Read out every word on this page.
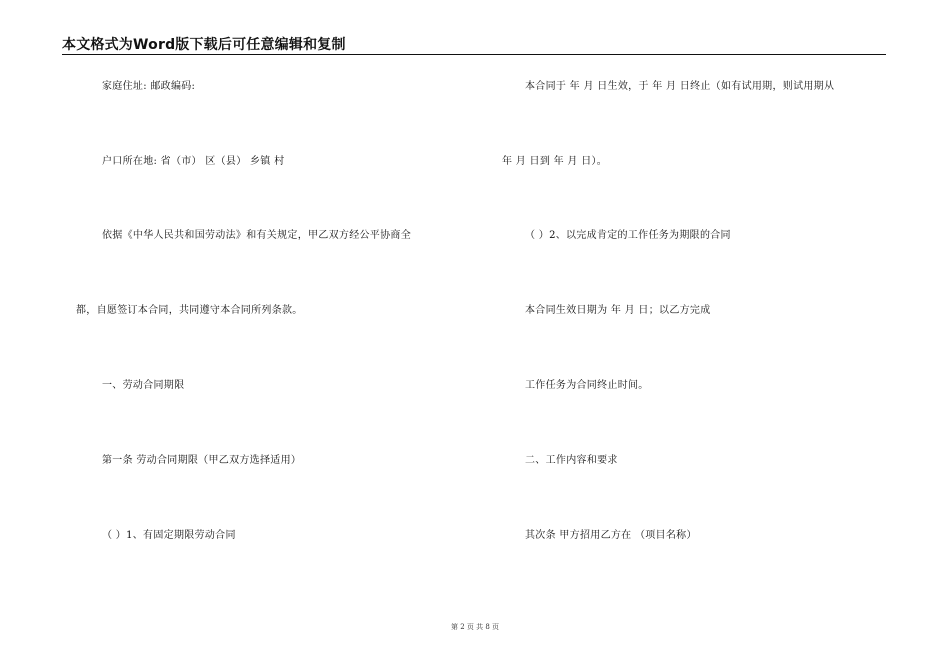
本文格式为Word版下载后可任意编辑和复制
家庭住址: 邮政编码:
户口所在地: 省（市） 区（县） 乡镇 村
依据《中华人民共和国劳动法》和有关规定，甲乙双方经公平协商全
都，自愿签订本合同，共同遵守本合同所列条款。
一、劳动合同期限
第一条 劳动合同期限（甲乙双方选择适用）
（ ）1、有固定期限劳动合同
本合同于 年 月 日生效，于 年 月 日终止（如有试用期，则试用期从
年 月 日到 年 月 日）。
（ ）2、以完成肯定的工作任务为期限的合同
本合同生效日期为 年 月 日；以乙方完成
工作任务为合同终止时间。
二、工作内容和要求
其次条 甲方招用乙方在 （项目名称）
第 2 页 共 8 页
